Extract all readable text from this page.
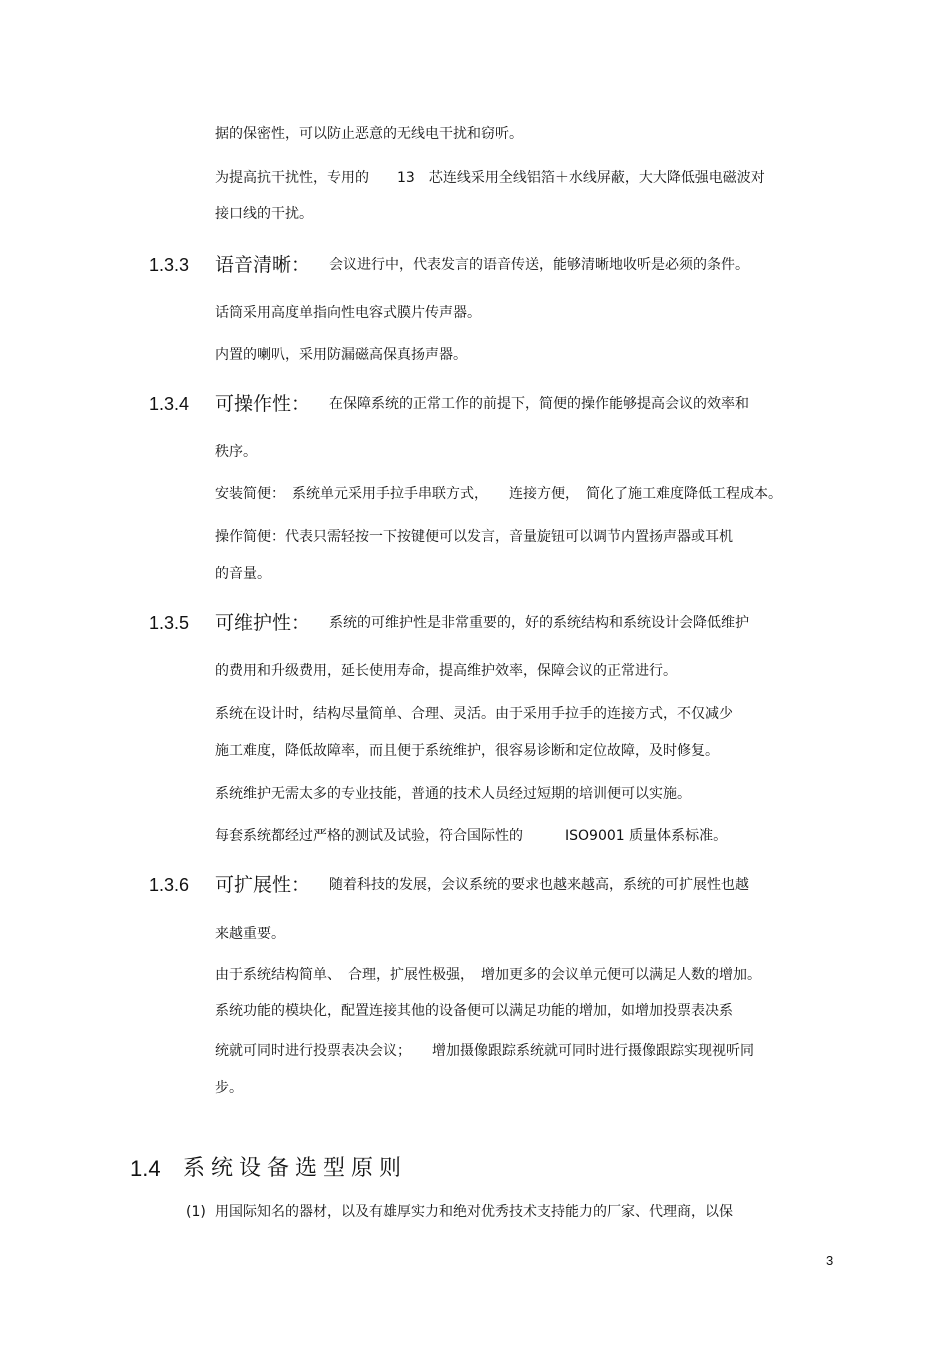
据的保密性，可以防止恶意的无线电干扰和窃听。
为提高抗干扰性，专用的　　13　芯连线采用全线铝箔＋水线屏蔽，大大降低强电磁波对
接口线的干扰。
1.3.3 语音清晰： 会议进行中，代表发言的语音传送，能够清晰地收听是必须的条件。
话筒采用高度单指向性电容式膜片传声器。
内置的喇叭，采用防漏磁高保真扬声器。
1.3.4 可操作性： 在保障系统的正常工作的前提下，简便的操作能够提高会议的效率和
秩序。
安装简便：　系统单元采用手拉手串联方式，　　连接方便，　简化了施工难度降低工程成本。
操作简便：代表只需轻按一下按键便可以发言，音量旋钮可以调节内置扬声器或耳机
的音量。
1.3.5 可维护性： 系统的可维护性是非常重要的，好的系统结构和系统设计会降低维护
的费用和升级费用，延长使用寿命，提高维护效率，保障会议的正常进行。
系统在设计时，结构尽量简单、合理、灵活。由于采用手拉手的连接方式，不仅减少
施工难度，降低故障率，而且便于系统维护，很容易诊断和定位故障，及时修复。
系统维护无需太多的专业技能，普通的技术人员经过短期的培训便可以实施。
每套系统都经过严格的测试及试验，符合国际性的　　　ISO9001 质量体系标准。
1.3.6 可扩展性： 随着科技的发展，会议系统的要求也越来越高，系统的可扩展性也越
来越重要。
由于系统结构简单、　合理，扩展性极强，　增加更多的会议单元便可以满足人数的增加。
系统功能的模块化，配置连接其他的设备便可以满足功能的增加，如增加投票表决系
统就可同时进行投票表决会议；　　增加摄像跟踪系统就可同时进行摄像跟踪实现视听同
步。
1.4 系统设备选型原则
(1) 用国际知名的器材，以及有雄厚实力和绝对优秀技术支持能力的厂家、代理商，以保
3
